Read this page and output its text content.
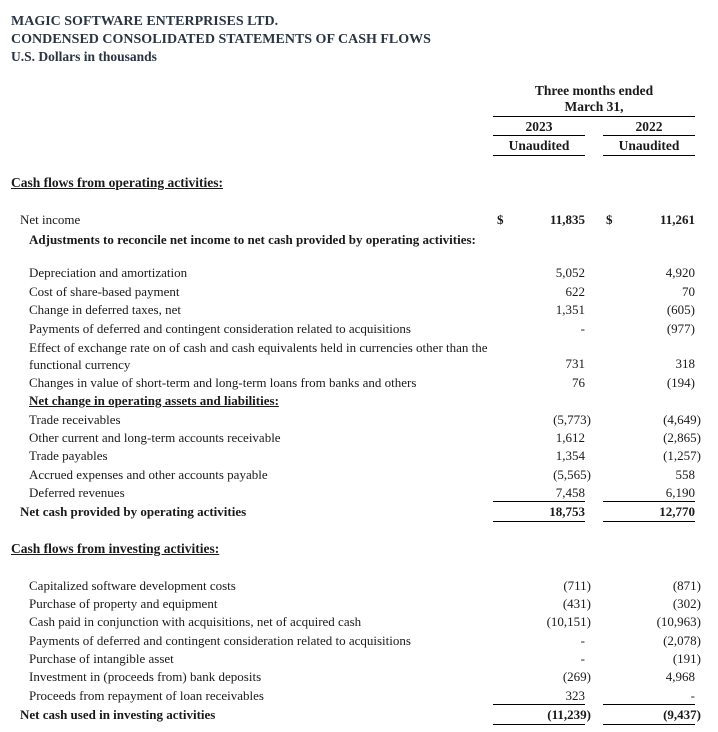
MAGIC SOFTWARE ENTERPRISES LTD.
CONDENSED CONSOLIDATED STATEMENTS OF CASH FLOWS
U.S. Dollars in thousands
Three months ended
March 31,
2023	2022
Unaudited	Unaudited
Cash flows from operating activities:
Net income	$	11,835 $	11,261
Adjustments to reconcile net income to net cash provided by operating activities:
Depreciation and amortization	5,052	4,920
Cost of share-based payment	622	70
Change in deferred taxes, net	1,351	(605)
Payments of deferred and contingent consideration related to acquisitions	-	(977)
Effect of exchange rate on of cash and cash equivalents held in currencies other than the functional currency	731	318
Changes in value of short-term and long-term loans from banks and others	76	(194)
Net change in operating assets and liabilities:
Trade receivables	(5,773)	(4,649)
Other current and long-term accounts receivable	1,612	(2,865)
Trade payables	1,354	(1,257)
Accrued expenses and other accounts payable	(5,565)	558
Deferred revenues	7,458	6,190
Net cash provided by operating activities	18,753	12,770
Cash flows from investing activities:
Capitalized software development costs	(711)	(871)
Purchase of property and equipment	(431)	(302)
Cash paid in conjunction with acquisitions, net of acquired cash	(10,151)	(10,963)
Payments of deferred and contingent consideration related to acquisitions	-	(2,078)
Purchase of intangible asset	-	(191)
Investment in (proceeds from) bank deposits	(269)	4,968
Proceeds from repayment of loan receivables	323	-
Net cash used in investing activities	(11,239)	(9,437)
